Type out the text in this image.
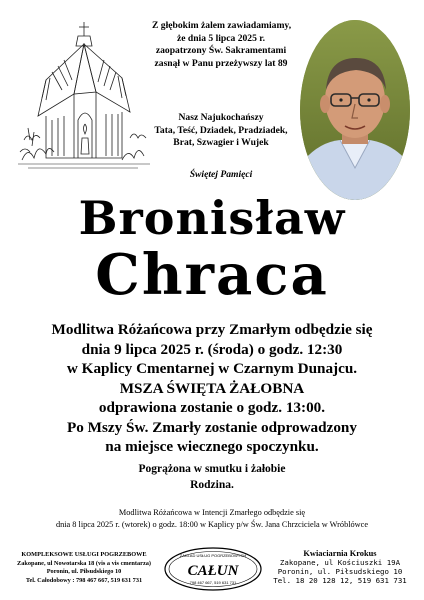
Z głębokim żalem zawiadamiamy,
że dnia 5 lipca 2025 r.
zaopatrzony Św. Sakramentami
zasnął w Panu przeżywszy lat 89
Nasz Najukochańszy
Tata, Teść, Dziadek, Pradziadek,
Brat, Szwagier i Wujek
Świętej Pamięci
Bronisław
Chraca
Modlitwa Różańcowa przy Zmarłym odbędzie się
dnia 9 lipca 2025 r. (środa) o godz. 12:30
w Kaplicy Cmentarnej w Czarnym Dunajcu.
MSZA ŚWIĘTA ŻAŁOBNA
odprawiona zostanie o godz. 13:00.
Po Mszy Św. Zmarły zostanie odprowadzony
na miejsce wiecznego spoczynku.
Pogrążona w smutku i żałobie
Rodzina.
Modlitwa Różańcowa w Intencji Zmarłego odbędzie się
dnia 8 lipca 2025 r. (wtorek) o godz. 18:00 w Kaplicy p/w Św. Jana Chrzciciela w Wróblówce
KOMPLEKSOWE USŁUGI POGRZEBOWE
Zakopane, ul Nowotarska 18 (vis a vis cmentarza)
Poronin, ul. Piłsudskiego 10
Tel. Całodobowy : 798 467 667, 519 631 731
ZAKŁAD USŁUG POGRZEBOWYCH
CAŁUN
798 467 667, 519 631 731
Kwiaciarnia Krokus
Zakopane, ul Kościuszki 19A
Poronin, ul. Piłsudskiego 10
Tel. 18 20 128 12, 519 631 731
